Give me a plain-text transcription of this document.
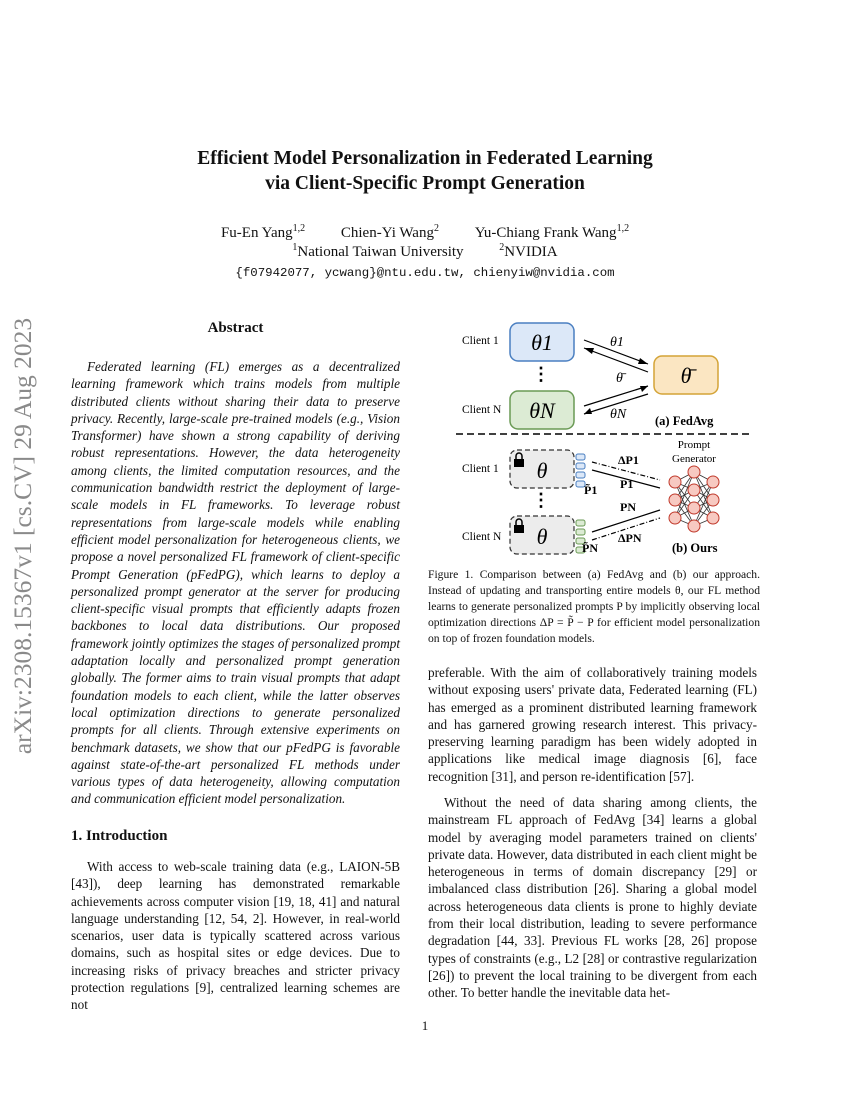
Efficient Model Personalization in Federated Learning
via Client-Specific Prompt Generation
Fu-En Yang$^{1,2}$ Chien-Yi Wang$^2$ Yu-Chiang Frank Wang$^{1,2}$
$^1$National Taiwan University	$^2$NVIDIA
{f07942077, ycwang}@ntu.edu.tw, chienyiw@nvidia.com
arXiv:2308.15367v1 [cs.CV] 29 Aug 2023	Abstract
Federated learning (FL) emerges as a decentralized learning framework which trains models from multiple distributed clients without sharing their data to preserve privacy. Recently, large-scale pre-trained models (e.g., Vision Transformer) have shown a strong capability of deriving robust representations. However, the data heterogeneity among clients, the limited computation resources, and the communication bandwidth restrict the deployment of large-scale models in FL frameworks. To leverage robust representations from large-scale models while enabling efficient model personalization for heterogeneous clients, we propose a novel personalized FL framework of client-specific Prompt Generation (pFedPG), which learns to deploy a personalized prompt generator at the server for producing client-specific visual prompts that efficiently adapts frozen backbones to local data distributions. Our proposed framework jointly optimizes the stages of personalized prompt adaptation locally and personalized prompt generation globally. The former aims to train visual prompts that adapt foundation models to each client, while the latter observes local optimization directions to generate personalized prompts for all clients. Through extensive experiments on benchmark datasets, we show that our pFedPG is favorable against state-of-the-art personalized FL methods under various types of data heterogeneity, allowing computation and communication efficient model personalization.
1. Introduction
With access to web-scale training data (e.g., LAION-5B [43]), deep learning has demonstrated remarkable achievements across computer vision [19, 18, 41] and natural language understanding [12, 54, 2]. However, in real-world scenarios, user data is typically scattered across various domains, such as hospital sites or edge devices. Due to increasing risks of privacy breaches and stricter privacy protection regulations [9], centralized learning schemes are not
Client 1
Client N
θ1
⋮
θN
θ̄
θ1
θ̄
θN (a) FedAvg
Client 1
Client N
θ
⋮
θ
ΔP1
P̃1 P1
PN
ΔPN
P̃N
Prompt
Generator
(b) Ours
Figure 1. Comparison between (a) FedAvg and (b) our approach. Instead of updating and transporting entire models θ, our FL method learns to generate personalized prompts P by implicitly observing local optimization directions ΔP = P̃ − P for efficient model personalization on top of frozen foundation models.
preferable. With the aim of collaboratively training models without exposing users' private data, Federated learning (FL) has emerged as a prominent distributed learning framework and has garnered growing research interest. This privacy-preserving learning paradigm has been widely adopted in applications like medical image diagnosis [6], face recognition [31], and person re-identification [57].
Without the need of data sharing among clients, the mainstream FL approach of FedAvg [34] learns a global model by averaging model parameters trained on clients' private data. However, data distributed in each client might be heterogeneous in terms of domain discrepancy [29] or imbalanced class distribution [26]. Sharing a global model across heterogeneous data clients is prone to highly deviate from their local distribution, leading to severe performance degradation [44, 33]. Previous FL works [28, 26] propose types of constraints (e.g., L2 [28] or contrastive regularization [26]) to prevent the local training to be divergent from each other. To better handle the inevitable data het-
1
